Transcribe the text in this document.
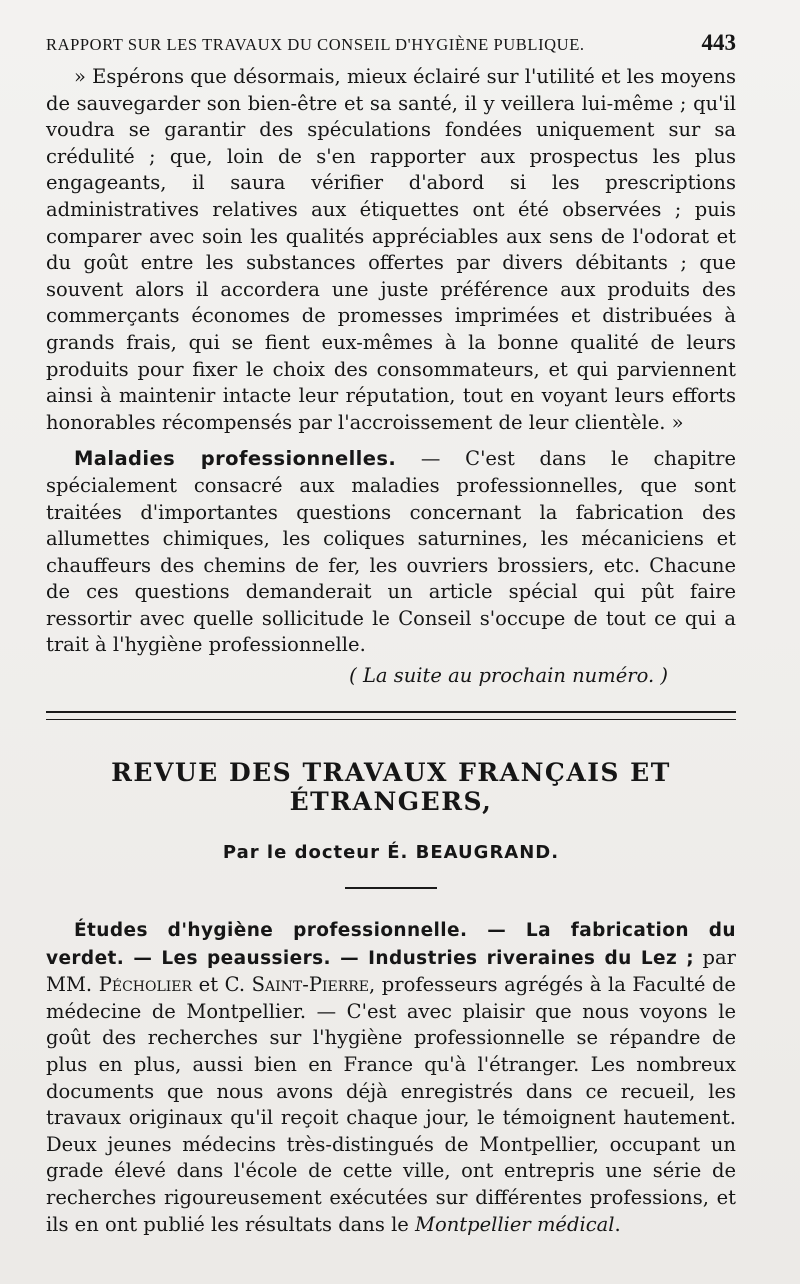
RAPPORT SUR LES TRAVAUX DU CONSEIL D'HYGIÈNE PUBLIQUE.	443

» Espérons que désormais, mieux éclairé sur l'utilité et les moyens de sauvegarder son bien-être et sa santé, il y veillera lui-même ; qu'il voudra se garantir des spéculations fondées uniquement sur sa crédulité ; que, loin de s'en rapporter aux prospectus les plus engageants, il saura vérifier d'abord si les prescriptions administratives relatives aux étiquettes ont été observées ; puis comparer avec soin les qualités appréciables aux sens de l'odorat et du goût entre les substances offertes par divers débitants ; que souvent alors il accordera une juste préférence aux produits des commerçants économes de promesses imprimées et distribuées à grands frais, qui se fient eux-mêmes à la bonne qualité de leurs produits pour fixer le choix des consommateurs, et qui parviennent ainsi à maintenir intacte leur réputation, tout en voyant leurs efforts honorables récompensés par l'accroissement de leur clientèle. »

Maladies professionnelles. — C'est dans le chapitre spécialement consacré aux maladies professionnelles, que sont traitées d'importantes questions concernant la fabrication des allumettes chimiques, les coliques saturnines, les mécaniciens et chauffeurs des chemins de fer, les ouvriers brossiers, etc. Chacune de ces questions demanderait un article spécial qui pût faire ressortir avec quelle sollicitude le Conseil s'occupe de tout ce qui a trait à l'hygiène professionnelle.

( La suite au prochain numéro. )
REVUE DES TRAVAUX FRANÇAIS ET ÉTRANGERS,
Par le docteur É. BEAUGRAND.

Études d'hygiène professionnelle. — La fabrication du verdet. — Les peaussiers. — Industries riveraines du Lez ; par MM. Pécholier et C. Saint-Pierre, professeurs agrégés à la Faculté de médecine de Montpellier. — C'est avec plaisir que nous voyons le goût des recherches sur l'hygiène professionnelle se répandre de plus en plus, aussi bien en France qu'à l'étranger. Les nombreux documents que nous avons déjà enregistrés dans ce recueil, les travaux originaux qu'il reçoit chaque jour, le témoignent hautement. Deux jeunes médecins très-distingués de Montpellier, occupant un grade élevé dans l'école de cette ville, ont entrepris une série de recherches rigoureusement exécutées sur différentes professions, et ils en ont publié les résultats dans le Montpellier médical.
